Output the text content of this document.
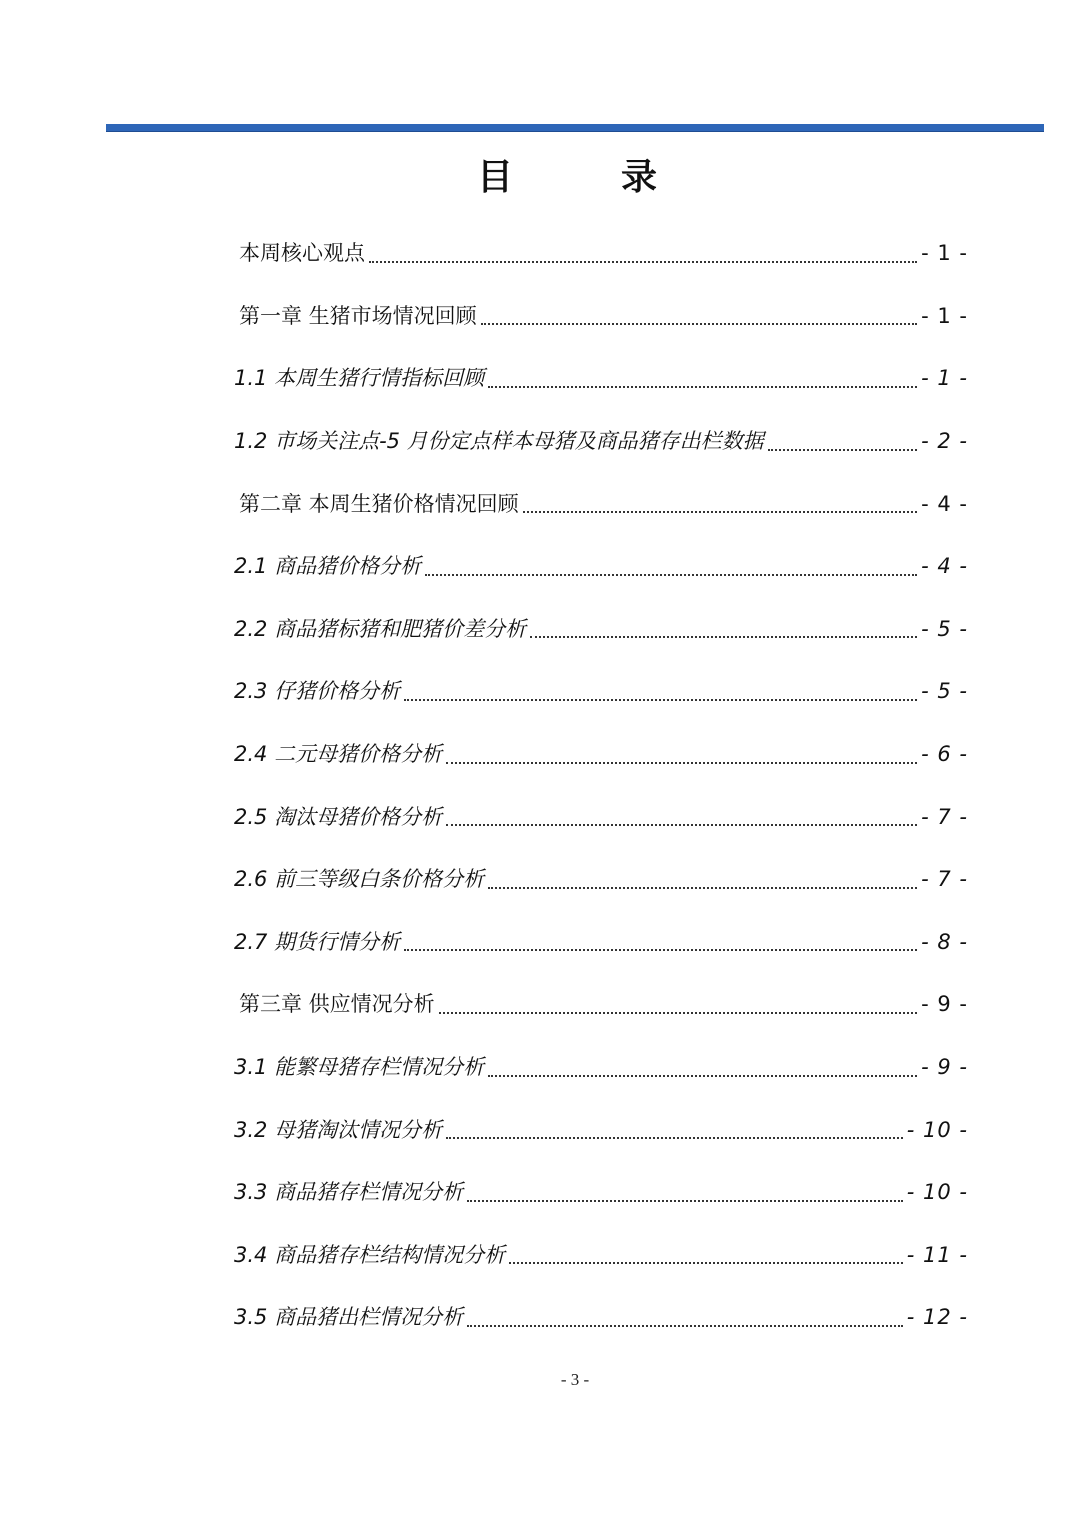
目　录
本周核心观点	- 1 -
第一章 生猪市场情况回顾	- 1 -
1.1 本周生猪行情指标回顾	- 1 -
1.2 市场关注点-5 月份定点样本母猪及商品猪存出栏数据	- 2 -
第二章 本周生猪价格情况回顾	- 4 -
2.1 商品猪价格分析	- 4 -
2.2 商品猪标猪和肥猪价差分析	- 5 -
2.3 仔猪价格分析	- 5 -
2.4 二元母猪价格分析	- 6 -
2.5 淘汰母猪价格分析	- 7 -
2.6 前三等级白条价格分析	- 7 -
2.7 期货行情分析	- 8 -
第三章 供应情况分析	- 9 -
3.1 能繁母猪存栏情况分析	- 9 -
3.2 母猪淘汰情况分析	- 10 -
3.3 商品猪存栏情况分析	- 10 -
3.4 商品猪存栏结构情况分析	- 11 -
3.5 商品猪出栏情况分析	- 12 -
- 3 -
